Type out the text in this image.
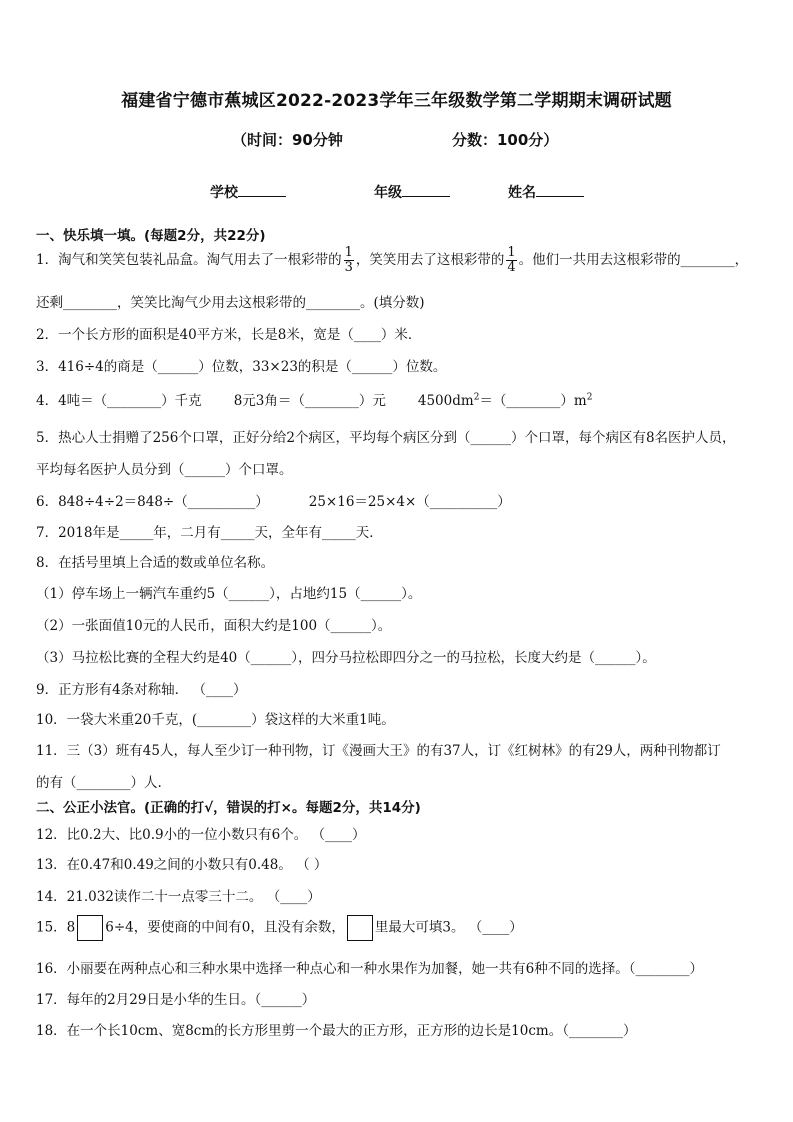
福建省宁德市蕉城区2022-2023学年三年级数学第二学期期末调研试题
（时间：90分钟	分数：100分）
学校	年级	姓名
一、快乐填一填。(每题2分，共22分)
1．淘气和笑笑包装礼品盒。淘气用去了一根彩带的 $\frac{1}{3}$ ，笑笑用去了这根彩带的 $\frac{1}{4}$ 。他们一共用去这根彩带的________，
还剩________，笑笑比淘气少用去这根彩带的________。(填分数)
2．一个长方形的面积是40平方米，长是8米，宽是（____）米．
3．416÷4的商是（______）位数，33×23的积是（______）位数。
4．4吨＝（________）千克 8元3角＝（________）元 $4500dm^2=(\_\_\_\_\_\_\_\_)m^2$
5．热心人士捐赠了256个口罩，正好分给2个病区，平均每个病区分到（______）个口罩，每个病区有8名医护人员，
平均每名医护人员分到（______）个口罩。
6．848÷4÷2＝848÷（__________）	25×16＝25×4×（__________）
7．2018年是_____年，二月有_____天，全年有_____天．
8．在括号里填上合适的数或单位名称。
（1）停车场上一辆汽车重约5（______），占地约15（______）。
（2）一张面值10元的人民币，面积大约是100（______）。
（3）马拉松比赛的全程大约是40（______），四分马拉松即四分之一的马拉松，长度大约是（______）。
9．正方形有4条对称轴． （____）
10．一袋大米重20千克，(________）袋这样的大米重1吨。
11．三（3）班有45人，每人至少订一种刊物，订《漫画大王》的有37人，订《红树林》的有29人，两种刊物都订
的有（________）人.
二、公正小法官。(正确的打√，错误的打×。每题2分，共14分)
12．比0.2大、比0.9小的一位小数只有6个。 （____）
13．在0.47和0.49之间的小数只有0.48。 （ ）
14．21.032读作二十一点零三十二。 （____）
15．8 6÷4，要使商的中间有0，且没有余数， 里最大可填3。 （____）
16．小丽要在两种点心和三种水果中选择一种点心和一种水果作为加餐，她一共有6种不同的选择。（________）
17．每年的2月29日是小华的生日。（______）
18．在一个长10cm、宽8cm的长方形里剪一个最大的正方形，正方形的边长是10cm。（________）
